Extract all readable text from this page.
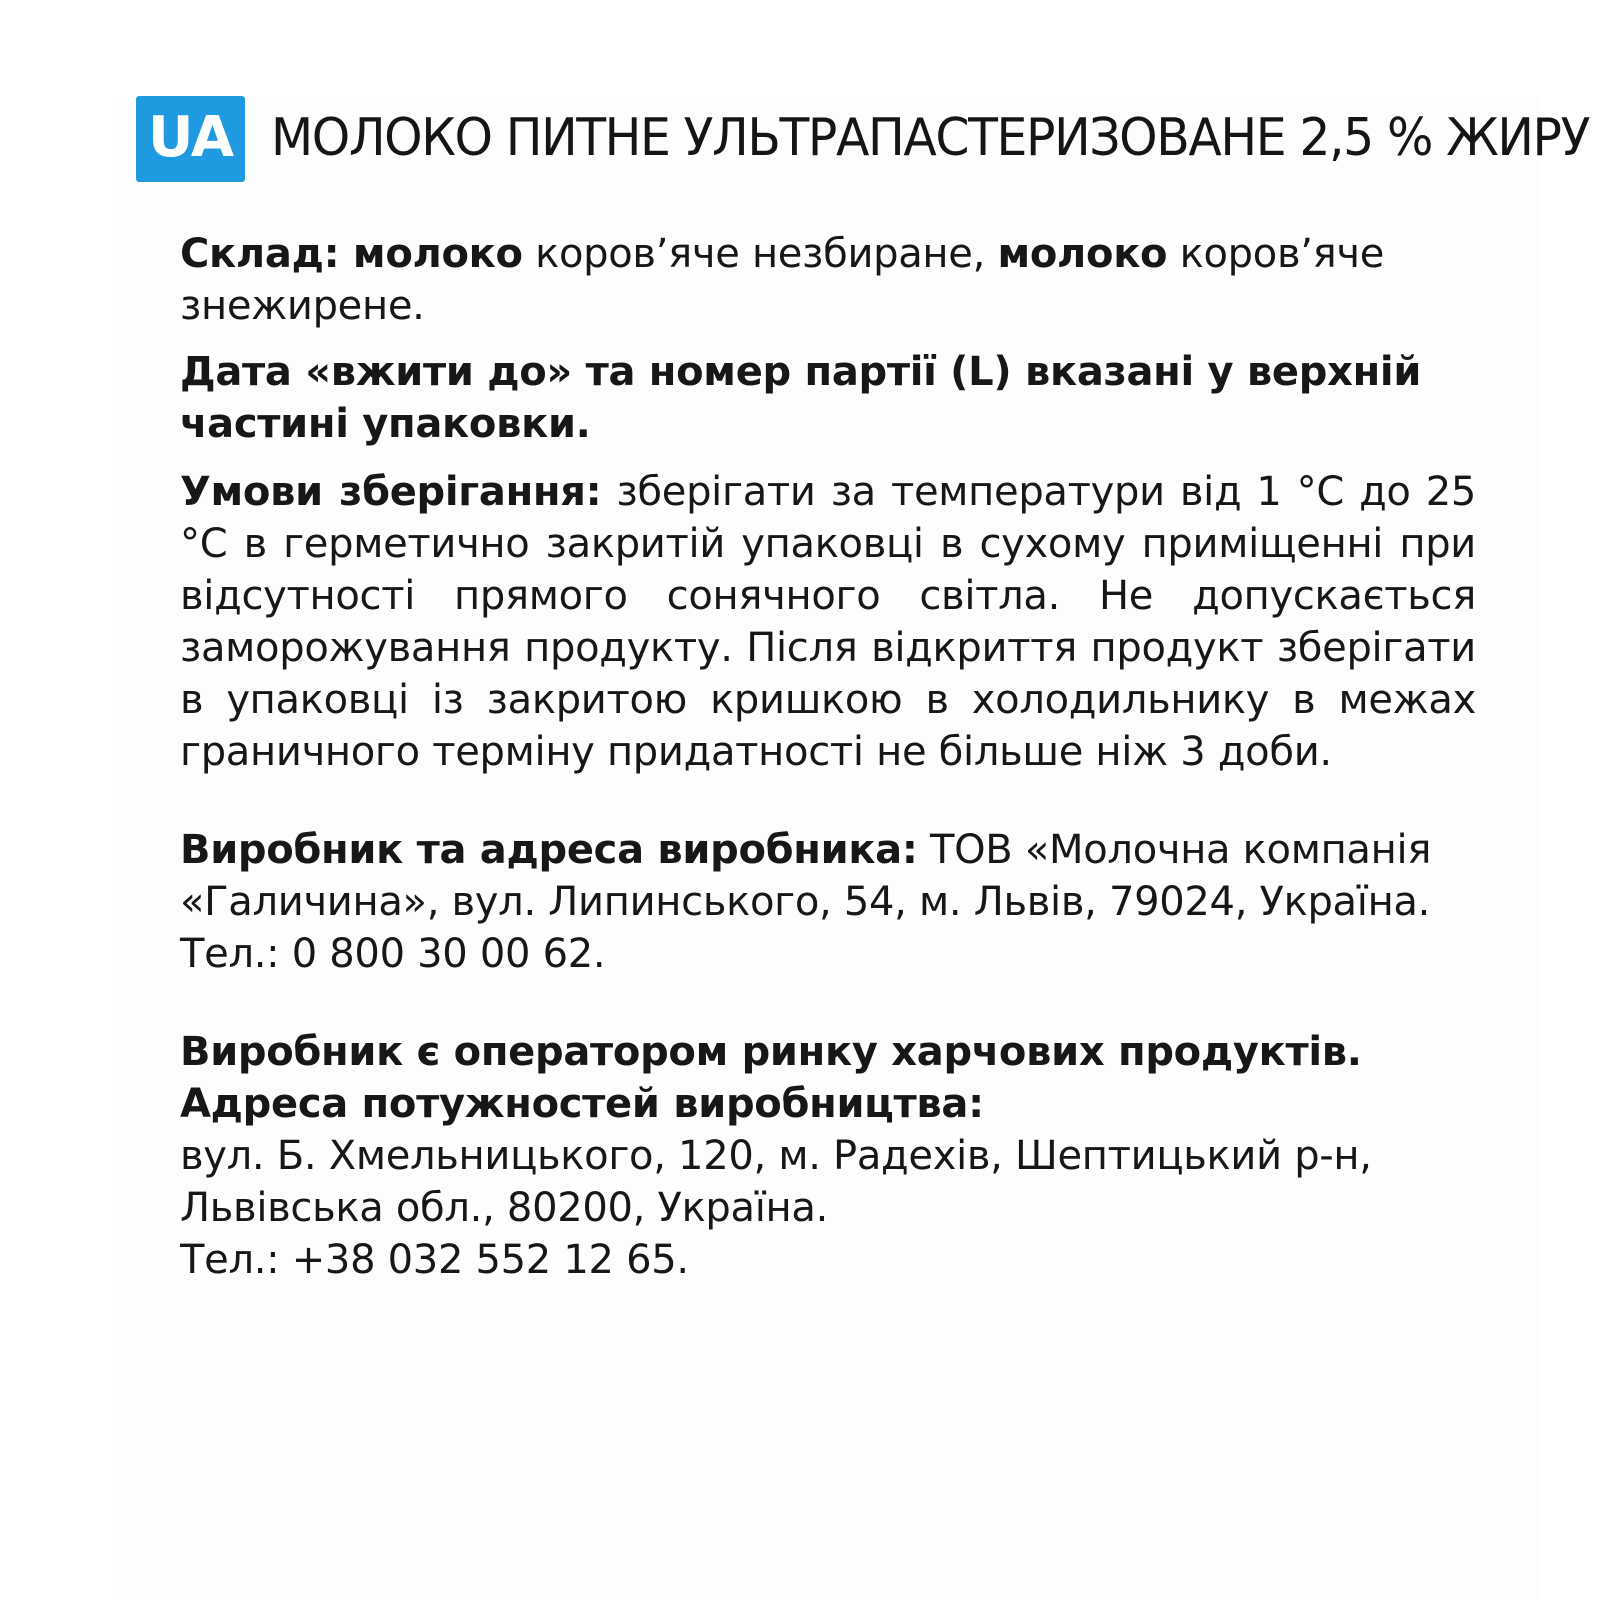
UA МОЛОКО ПИТНЕ УЛЬТРАПАСТЕРИЗОВАНЕ 2,5 % ЖИРУ

Склад: молоко коров’яче незбиране, молоко коров’яче знежирене.

Дата «вжити до» та номер партії (L) вказані у верхній частині упаковки.

Умови зберігання: зберігати за температури від 1 °C до 25 °C в герметично закритій упаковці в сухому приміщенні при відсутності прямого сонячного світла. Не допускається заморожування продукту. Після відкриття продукт зберігати в упаковці із закритою кришкою в холодильнику в межах граничного терміну придатності не більше ніж 3 доби.

Виробник та адреса виробника: ТОВ «Молочна компанія «Галичина», вул. Липинського, 54, м. Львів, 79024, Україна.

Тел.: 0 800 30 00 62.

Виробник є оператором ринку харчових продуктів.

Адреса потужностей виробництва:

вул. Б. Хмельницького, 120, м. Радехів, Шептицький р-н,

Львівська обл., 80200, Україна.

Тел.: +38 032 552 12 65.
